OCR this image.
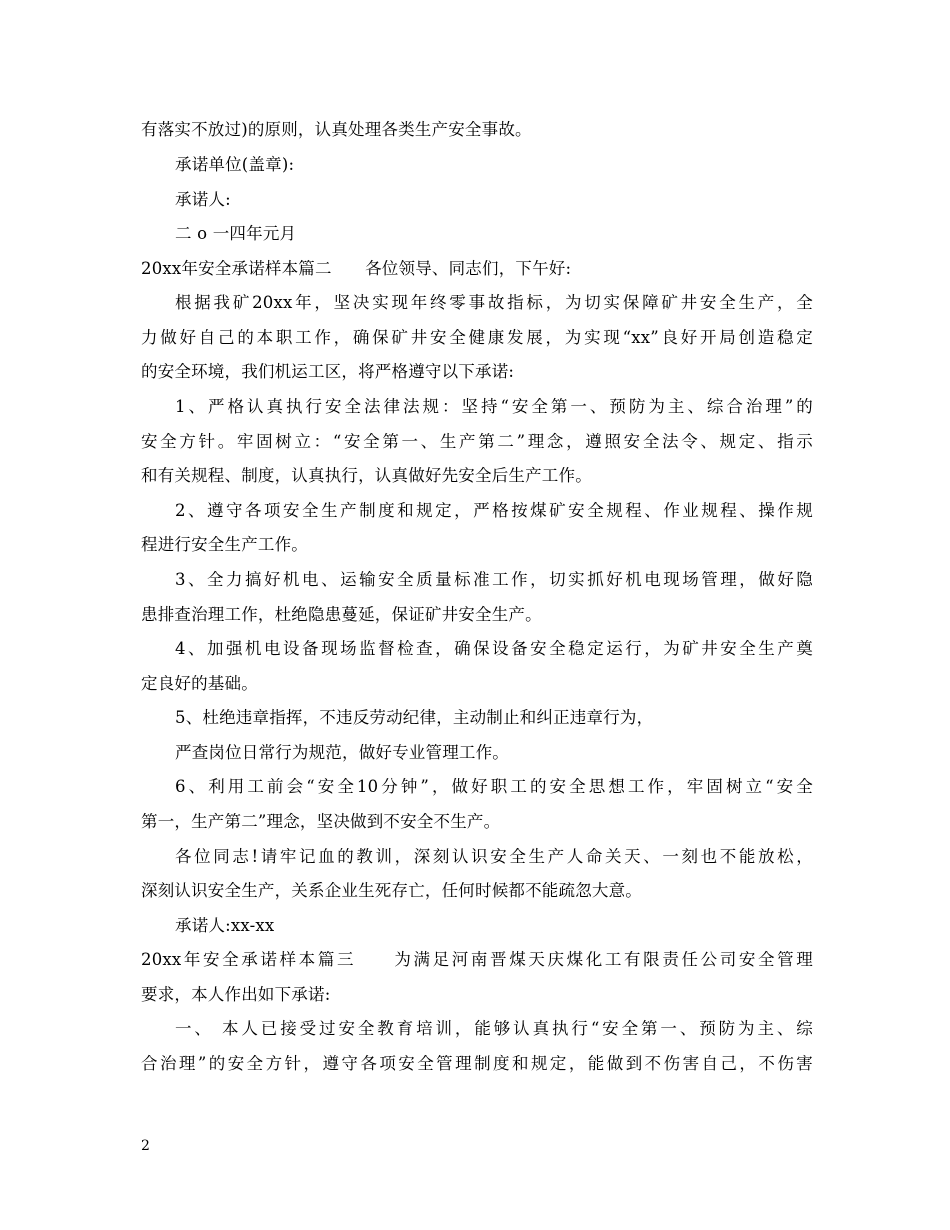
有落实不放过)的原则，认真处理各类生产安全事故。
承诺单位(盖章):
承诺人:
二 o 一四年元月
20xx年安全承诺样本篇二　　各位领导、同志们，下午好:
根据我矿20xx年，坚决实现年终零事故指标，为切实保障矿井安全生产，全
力做好自己的本职工作，确保矿井安全健康发展，为实现“xx”良好开局创造稳定
的安全环境，我们机运工区，将严格遵守以下承诺:
1、严格认真执行安全法律法规：坚持“安全第一、预防为主、综合治理”的
安全方针。牢固树立：“安全第一、生产第二”理念，遵照安全法令、规定、指示
和有关规程、制度，认真执行，认真做好先安全后生产工作。
2、遵守各项安全生产制度和规定，严格按煤矿安全规程、作业规程、操作规
程进行安全生产工作。
3、全力搞好机电、运输安全质量标准工作，切实抓好机电现场管理，做好隐
患排查治理工作，杜绝隐患蔓延，保证矿井安全生产。
4、加强机电设备现场监督检查，确保设备安全稳定运行，为矿井安全生产奠
定良好的基础。
5、杜绝违章指挥，不违反劳动纪律，主动制止和纠正违章行为，
严查岗位日常行为规范，做好专业管理工作。
6、利用工前会“安全10分钟”，做好职工的安全思想工作，牢固树立“安全
第一，生产第二”理念，坚决做到不安全不生产。
各位同志!请牢记血的教训，深刻认识安全生产人命关天、一刻也不能放松，
深刻认识安全生产，关系企业生死存亡，任何时候都不能疏忽大意。
承诺人:xx-xx
20xx年安全承诺样本篇三　　为满足河南晋煤天庆煤化工有限责任公司安全管理
要求，本人作出如下承诺:
一、 本人已接受过安全教育培训，能够认真执行“安全第一、预防为主、综
合治理”的安全方针，遵守各项安全管理制度和规定，能做到不伤害自己，不伤害
2
